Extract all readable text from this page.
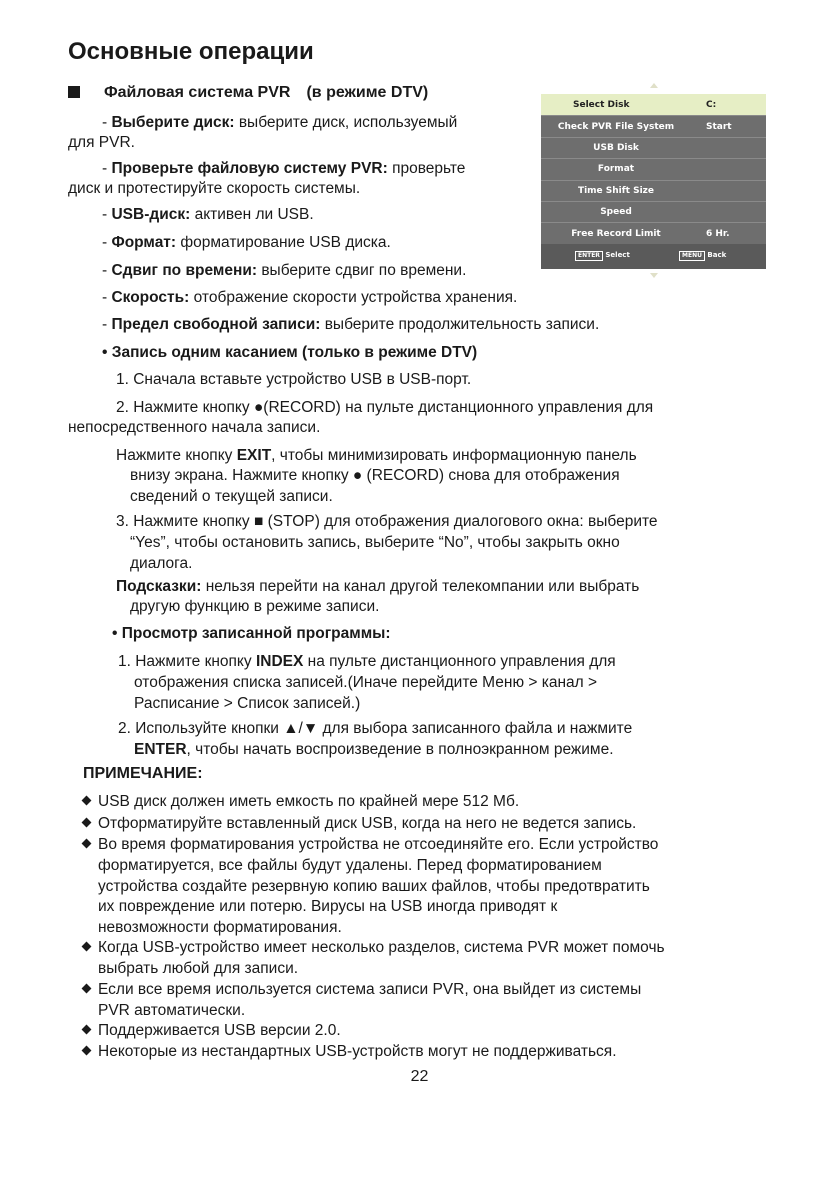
Основные операции
Файловая система PVR (в режиме DTV)
- Выберите диск: выберите диск, используемый
для PVR.
- Проверьте файловую систему PVR: проверьте
диск и протестируйте скорость системы.
- USB-диск: активен ли USB.
- Формат: форматирование USB диска.
- Сдвиг по времени: выберите сдвиг по времени.
- Скорость: отображение скорости устройства хранения.
- Предел свободной записи: выберите продолжительность записи.
Select Disk	C:
Check PVR File System	Start
USB Disk
Format
Time Shift Size
Speed
Free Record Limit	6 Hr.
ENTER Select	MENU Back
• Запись одним касанием (только в режиме DTV)
1. Сначала вставьте устройство USB в USB-порт.
2. Нажмите кнопку ●(RECORD) на пульте дистанционного управления для
непосредственного начала записи.
Нажмите кнопку EXIT, чтобы минимизировать информационную панель
внизу экрана. Нажмите кнопку ● (RECORD) снова для отображения
сведений о текущей записи.
3. Нажмите кнопку ■ (STOP) для отображения диалогового окна: выберите
“Yes”, чтобы остановить запись, выберите “No”, чтобы закрыть окно
диалога.
Подсказки: нельзя перейти на канал другой телекомпании или выбрать
другую функцию в режиме записи.
• Просмотр записанной программы:
1. Нажмите кнопку INDEX на пульте дистанционного управления для
отображения списка записей.(Иначе перейдите Меню > канал >
Расписание > Список записей.)
2. Используйте кнопки ▲/▼ для выбора записанного файла и нажмите
ENTER, чтобы начать воспроизведение в полноэкранном режиме.
ПРИМЕЧАНИЕ:
USB диск должен иметь емкость по крайней мере 512 Мб.
Отформатируйте вставленный диск USB, когда на него не ведется запись.
Во время форматирования устройства не отсоединяйте его. Если устройство
форматируется, все файлы будут удалены. Перед форматированием
устройства создайте резервную копию ваших файлов, чтобы предотвратить
их повреждение или потерю. Вирусы на USB иногда приводят к
невозможности форматирования.
Когда USB-устройство имеет несколько разделов, система PVR может помочь
выбрать любой для записи.
Если все время используется система записи PVR, она выйдет из системы
PVR автоматически.
Поддерживается USB версии 2.0.
Некоторые из нестандартных USB-устройств могут не поддерживаться.
22
